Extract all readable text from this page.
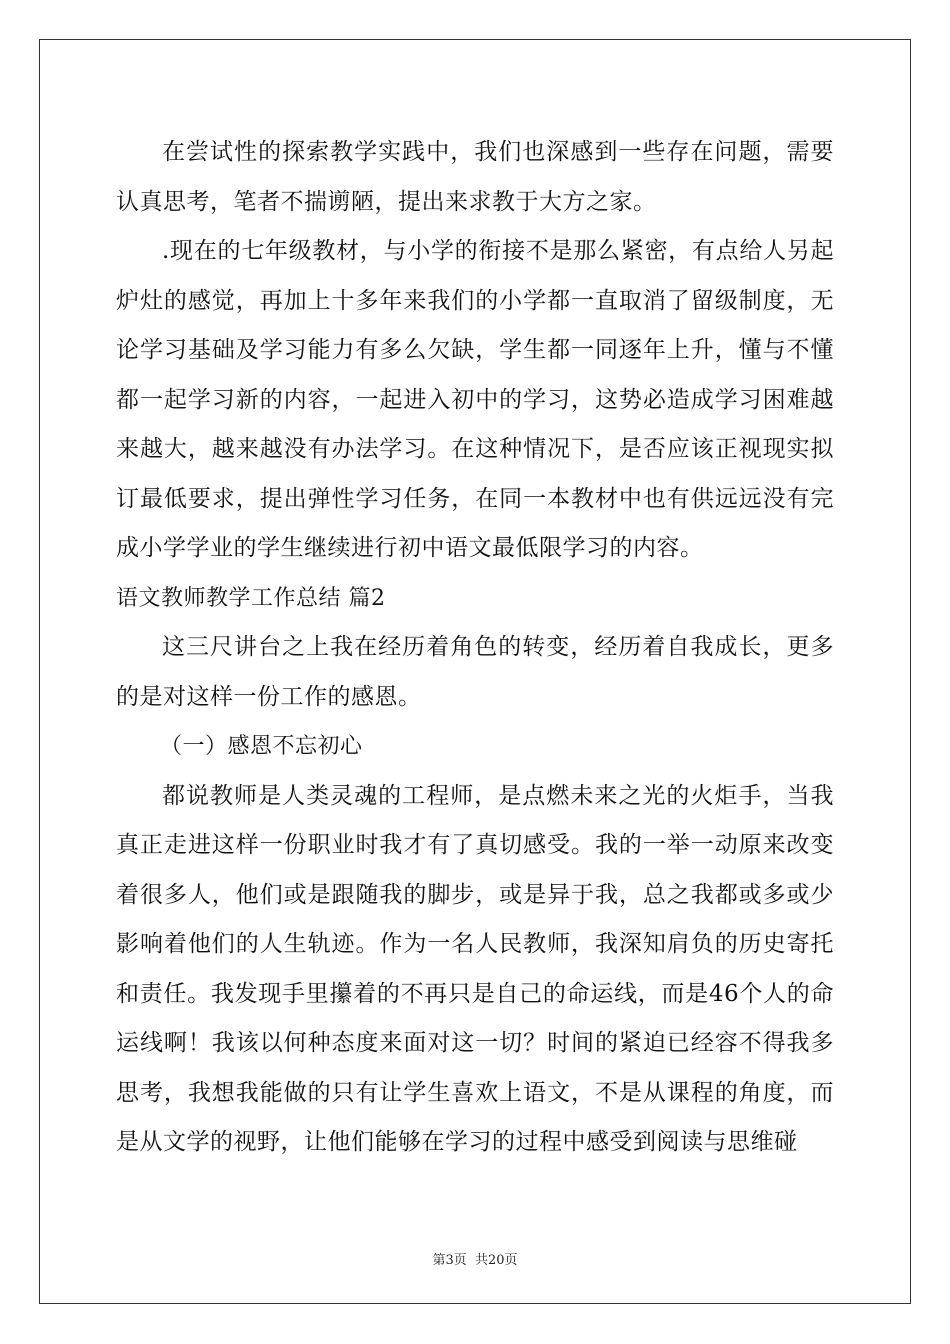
在尝试性的探索教学实践中，我们也深感到一些存在问题，需要认真思考，笔者不揣谫陋，提出来求教于大方之家。

.现在的七年级教材，与小学的衔接不是那么紧密，有点给人另起炉灶的感觉，再加上十多年来我们的小学都一直取消了留级制度，无论学习基础及学习能力有多么欠缺，学生都一同逐年上升，懂与不懂都一起学习新的内容，一起进入初中的学习，这势必造成学习困难越来越大，越来越没有办法学习。在这种情况下，是否应该正视现实拟订最低要求，提出弹性学习任务，在同一本教材中也有供远远没有完成小学学业的学生继续进行初中语文最低限学习的内容。

语文教师教学工作总结 篇2

这三尺讲台之上我在经历着角色的转变，经历着自我成长，更多的是对这样一份工作的感恩。

（一）感恩不忘初心

都说教师是人类灵魂的工程师，是点燃未来之光的火炬手，当我真正走进这样一份职业时我才有了真切感受。我的一举一动原来改变着很多人，他们或是跟随我的脚步，或是异于我，总之我都或多或少影响着他们的人生轨迹。作为一名人民教师，我深知肩负的历史寄托和责任。我发现手里攥着的不再只是自己的命运线，而是46个人的命运线啊！我该以何种态度来面对这一切？时间的紧迫已经容不得我多思考，我想我能做的只有让学生喜欢上语文，不是从课程的角度，而是从文学的视野，让他们能够在学习的过程中感受到阅读与思维碰

第3页  共20页
